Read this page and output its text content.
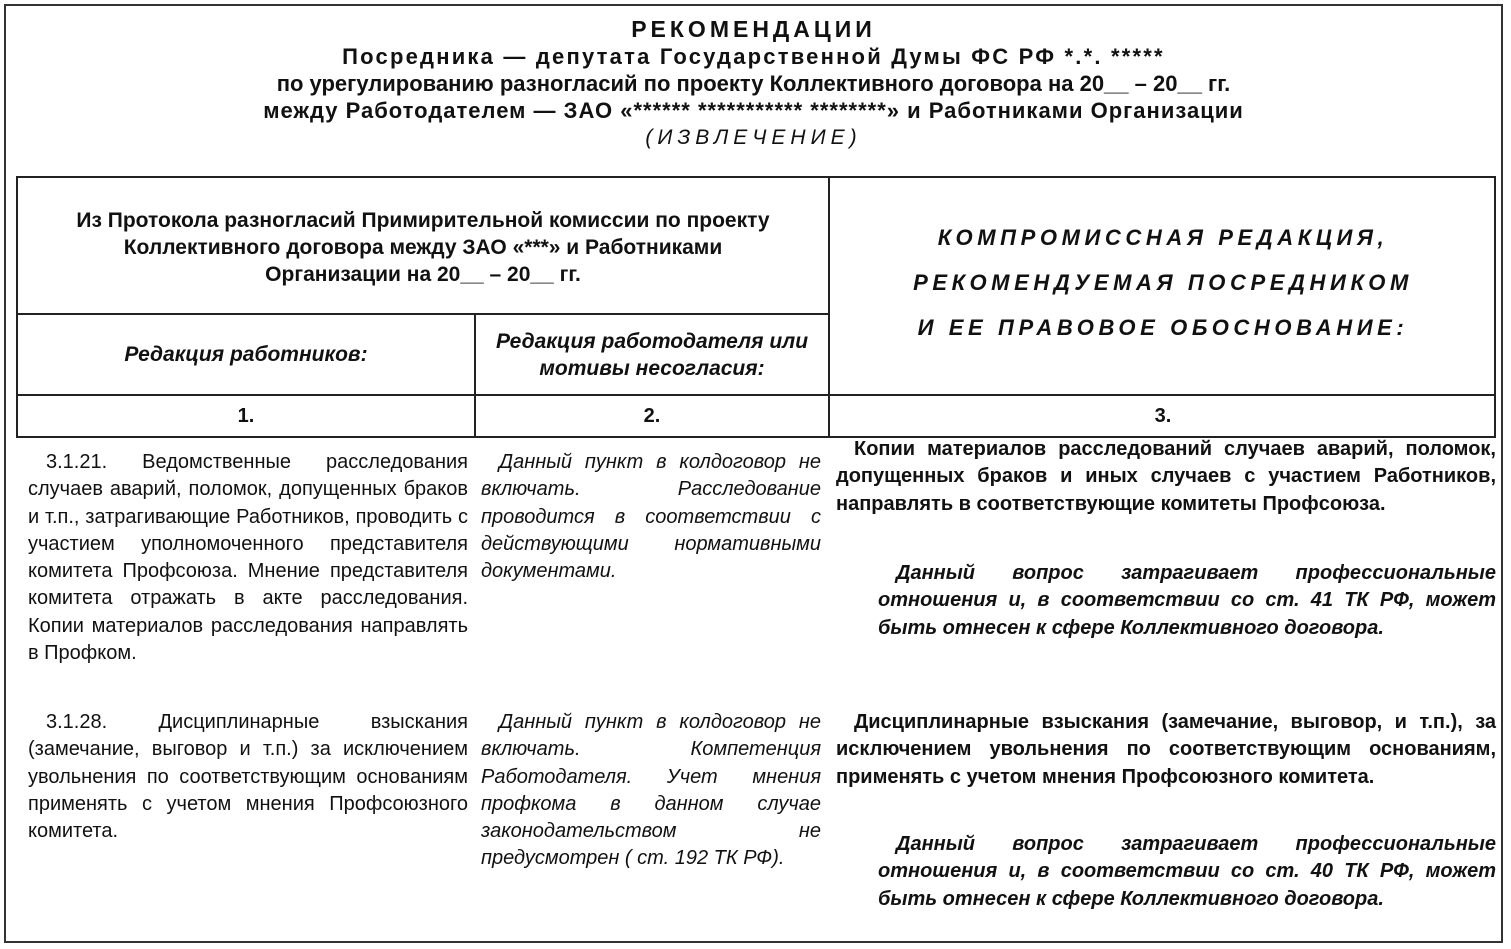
РЕКОМЕНДАЦИИ
Посредника — депутата Государственной Думы ФС РФ *.*. *****
по урегулированию разногласий по проекту Коллективного договора на 20__ – 20__ гг.
между Работодателем — ЗАО «****** *********** ********» и Работниками Организации
(ИЗВЛЕЧЕНИЕ)
Из Протокола разногласий Примирительной комиссии по проекту Коллективного договора между ЗАО «***» и Работниками Организации на 20__ – 20__ гг.
Редакция работников:
Редакция работодателя или мотивы несогласия:
КОМПРОМИССНАЯ РЕДАКЦИЯ,
РЕКОМЕНДУЕМАЯ ПОСРЕДНИКОМ
И ЕЕ ПРАВОВОЕ ОБОСНОВАНИЕ:
1.	2.	3.
3.1.21. Ведомственные расследования случаев аварий, поломок, допущенных браков и т.п., затрагивающие Работников, проводить с участием уполномоченного представителя комитета Профсоюза. Мнение представителя комитета отражать в акте расследования. Копии материалов расследования направлять в Профком.
Данный пункт в колдоговор не включать. Расследование проводится в соответствии с действующими нормативными документами.
Копии материалов расследований случаев аварий, поломок, допущенных браков и иных случаев с участием Работников, направлять в соответствующие комитеты Профсоюза.
Данный вопрос затрагивает профессиональные отношения и, в соответствии со ст. 41 ТК РФ, может быть отнесен к сфере Коллективного договора.
3.1.28. Дисциплинарные взыскания (замечание, выговор и т.п.) за исключением увольнения по соответствующим основаниям применять с учетом мнения Профсоюзного комитета.
Данный пункт в колдоговор не включать. Компетенция Работодателя. Учет мнения профкома в данном случае законодательством не предусмотрен ( ст. 192 ТК РФ).
Дисциплинарные взыскания (замечание, выговор, и т.п.), за исключением увольнения по соответствующим основаниям, применять с учетом мнения Профсоюзного комитета.
Данный вопрос затрагивает профессиональные отношения и, в соответствии со ст. 40 ТК РФ, может быть отнесен к сфере Коллективного договора.
